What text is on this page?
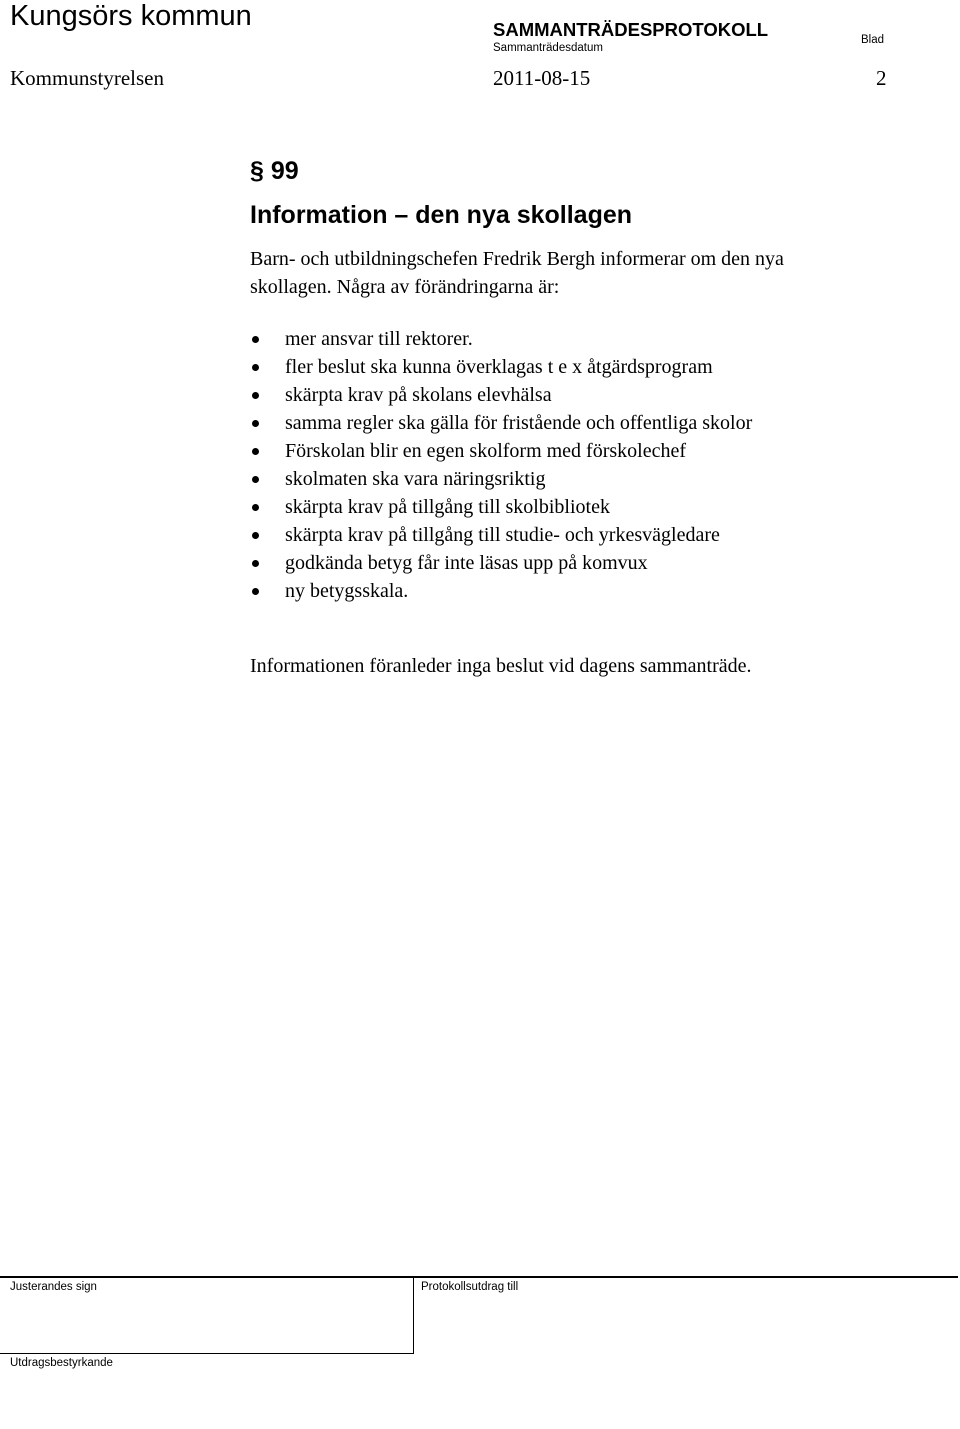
Kungsörs kommun	SAMMANTRÄDESPROTOKOLL
Sammanträdesdatum
Blad
Kommunstyrelsen	2011-08-15	2
§ 99
Information – den nya skollagen

Barn- och utbildningschefen Fredrik Bergh informerar om den nya

skollagen. Några av förändringarna är:

mer ansvar till rektorer.
fler beslut ska kunna överklagas t e x åtgärdsprogram
skärpta krav på skolans elevhälsa
samma regler ska gälla för fristående och offentliga skolor
Förskolan blir en egen skolform med förskolechef
skolmaten ska vara näringsriktig
skärpta krav på tillgång till skolbibliotek
skärpta krav på tillgång till studie- och yrkesvägledare
godkända betyg får inte läsas upp på komvux
ny betygsskala.
Informationen föranleder inga beslut vid dagens sammanträde.
Justerandes sign	Protokollsutdrag till
Utdragsbestyrkande
